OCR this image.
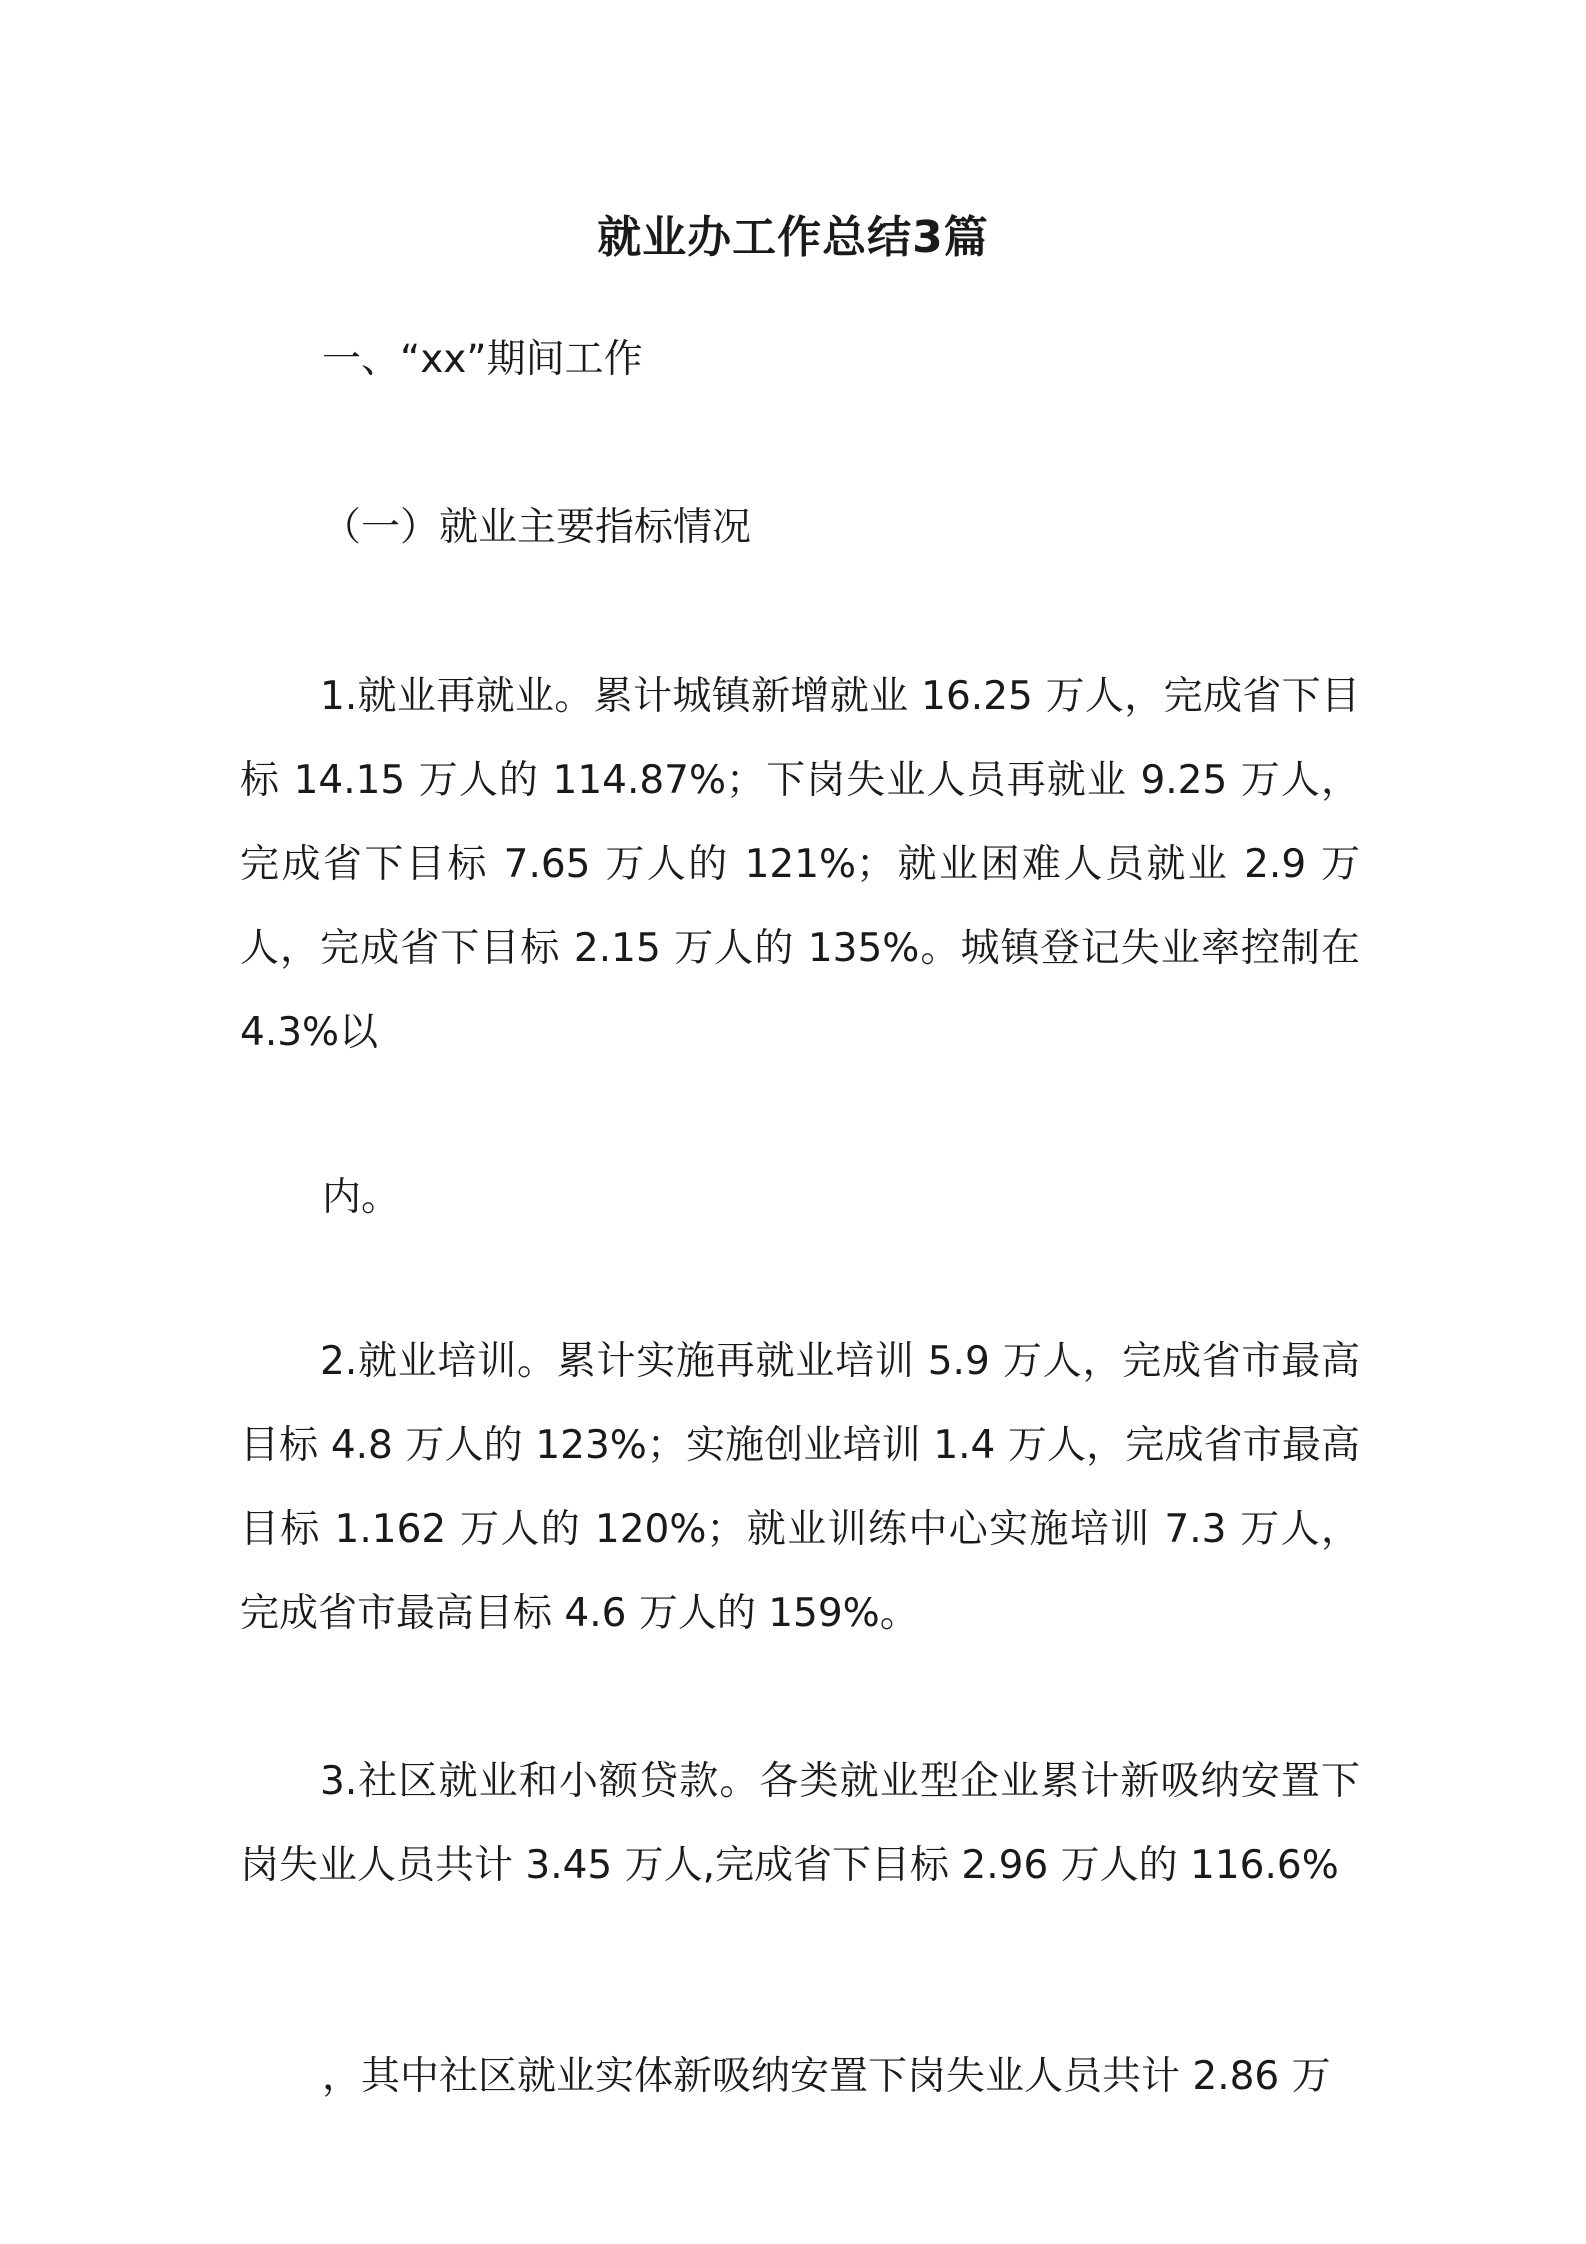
就业办工作总结3篇
一、“xx”期间工作
（一）就业主要指标情况
1.就业再就业。累计城镇新增就业 16.25 万人，完成省下目标 14.15 万人的 114.87%；下岗失业人员再就业 9.25 万人，完成省下目标 7.65 万人的 121%；就业困难人员就业 2.9 万人，完成省下目标 2.15 万人的 135%。城镇登记失业率控制在 4.3%以
内。
2.就业培训。累计实施再就业培训 5.9 万人，完成省市最高目标 4.8 万人的 123%；实施创业培训 1.4 万人，完成省市最高目标 1.162 万人的 120%；就业训练中心实施培训 7.3 万人，完成省市最高目标 4.6 万人的 159%。
3.社区就业和小额贷款。各类就业型企业累计新吸纳安置下岗失业人员共计 3.45 万人,完成省下目标 2.96 万人的 116.6%
，其中社区就业实体新吸纳安置下岗失业人员共计 2.86 万
